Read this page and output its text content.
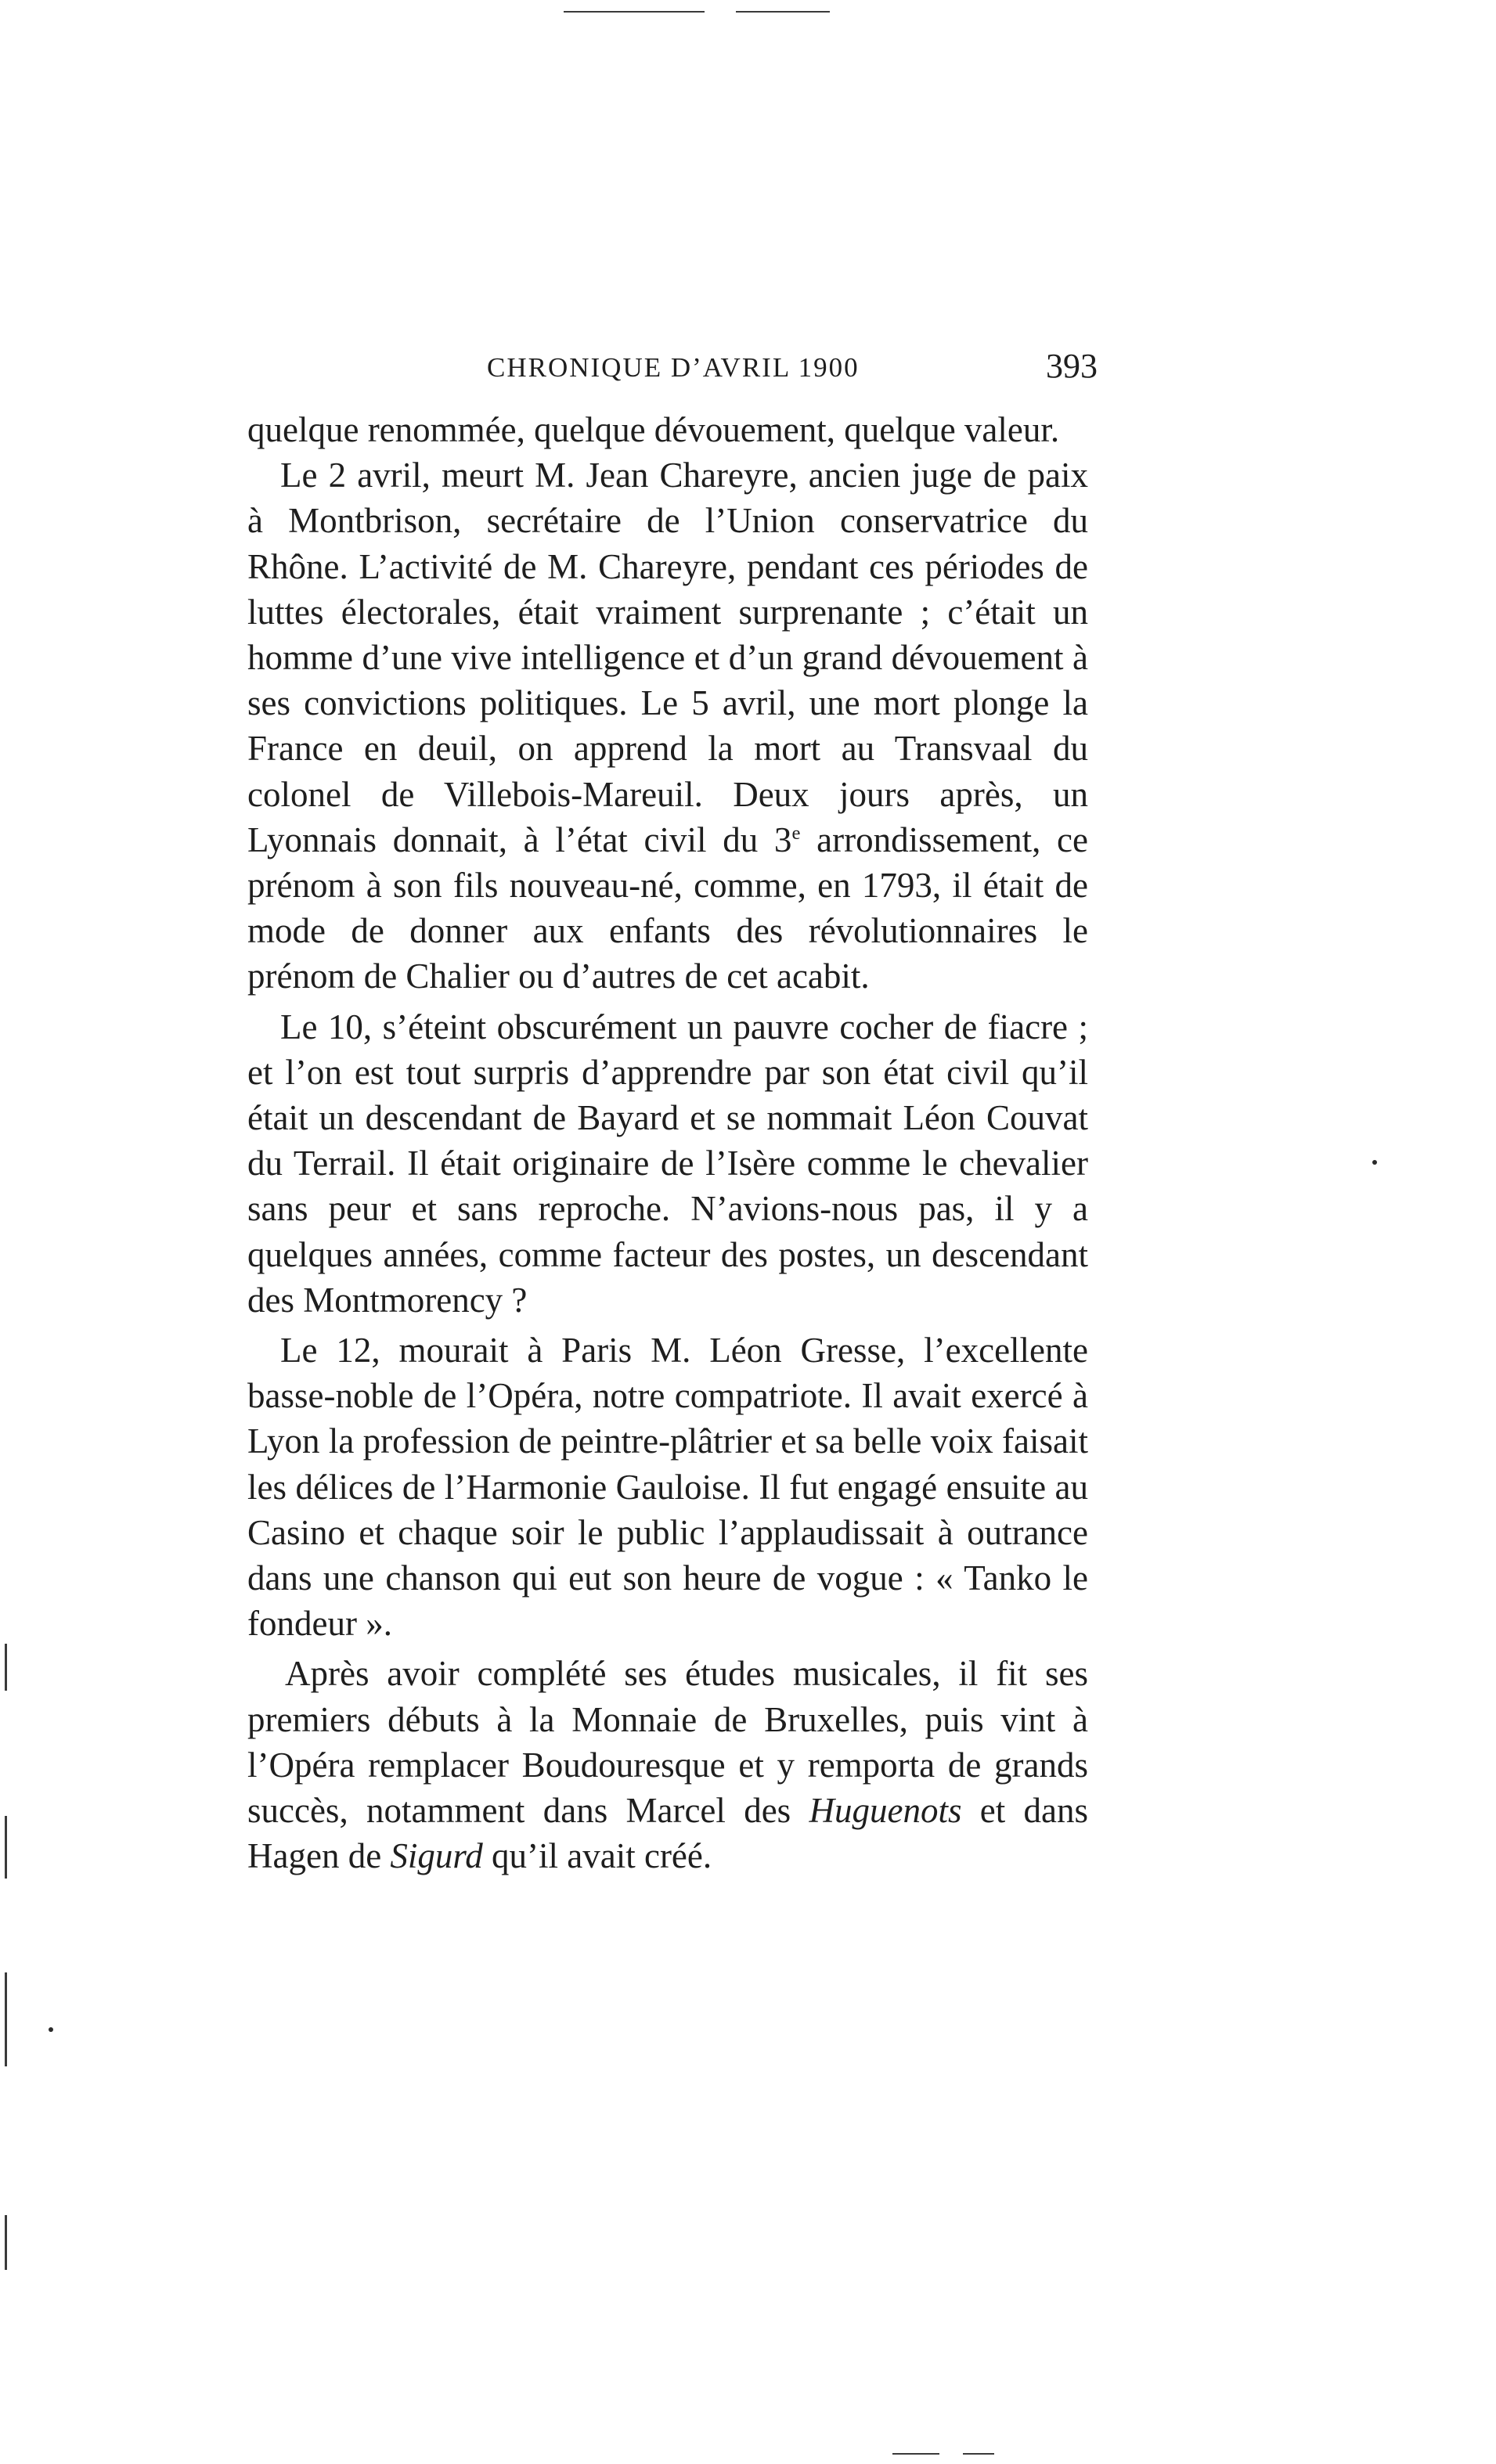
CHRONIQUE D’AVRIL 1900	393

quelque renommée, quelque dévouement, quelque valeur.

Le 2 avril, meurt M. Jean Chareyre, ancien juge de paix à Montbrison, secrétaire de l’Union conservatrice du Rhône. L’activité de M. Chareyre, pendant ces périodes de luttes électorales, était vraiment surprenante ; c’était un homme d’une vive intelligence et d’un grand dévouement à ses convictions politiques. Le 5 avril, une mort plonge la France en deuil, on apprend la mort au Transvaal du colonel de Villebois-Mareuil. Deux jours après, un Lyonnais donnait, à l’état civil du 3e arrondissement, ce prénom à son fils nouveau-né, comme, en 1793, il était de mode de donner aux enfants des révolutionnaires le prénom de Chalier ou d’autres de cet acabit.

Le 10, s’éteint obscurément un pauvre cocher de fiacre ; et l’on est tout surpris d’apprendre par son état civil qu’il était un descendant de Bayard et se nommait Léon Couvat du Terrail. Il était originaire de l’Isère comme le chevalier sans peur et sans reproche. N’avions-nous pas, il y a quelques années, comme facteur des postes, un descendant des Montmorency ?

Le 12, mourait à Paris M. Léon Gresse, l’excellente basse-noble de l’Opéra, notre compatriote. Il avait exercé à Lyon la profession de peintre-plâtrier et sa belle voix faisait les délices de l’Harmonie Gauloise. Il fut engagé ensuite au Casino et chaque soir le public l’applaudissait à outrance dans une chanson qui eut son heure de vogue : « Tanko le fondeur ».

Après avoir complété ses études musicales, il fit ses premiers débuts à la Monnaie de Bruxelles, puis vint à l’Opéra remplacer Boudouresque et y remporta de grands succès, notamment dans Marcel des Huguenots et dans Hagen de Sigurd qu’il avait créé.
